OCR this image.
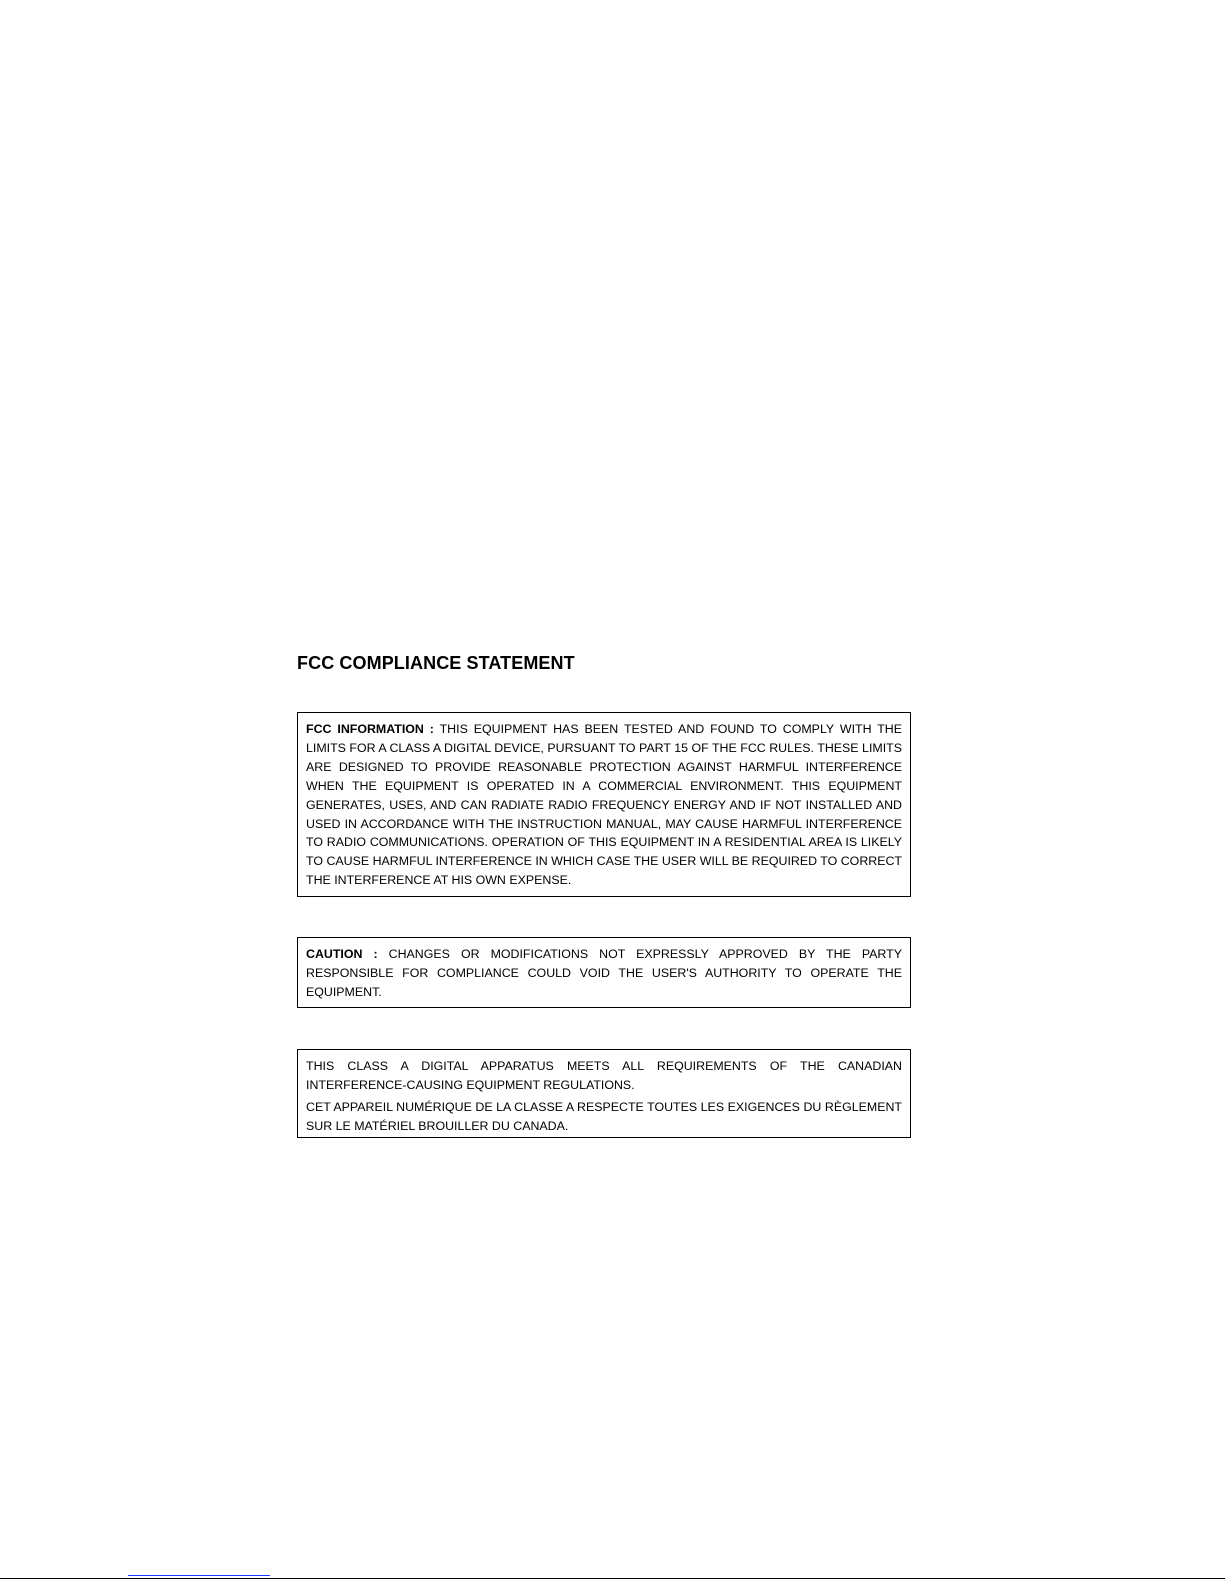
FCC COMPLIANCE STATEMENT

FCC INFORMATION : THIS EQUIPMENT HAS BEEN TESTED AND FOUND TO COMPLY WITH THE LIMITS FOR A CLASS A DIGITAL DEVICE, PURSUANT TO PART 15 OF THE FCC RULES. THESE LIMITS ARE DESIGNED TO PROVIDE REASONABLE PROTECTION AGAINST HARMFUL INTERFERENCE WHEN THE EQUIPMENT IS OPERATED IN A COMMERCIAL ENVIRONMENT. THIS EQUIPMENT GENERATES, USES, AND CAN RADIATE RADIO FREQUENCY ENERGY AND IF NOT INSTALLED AND USED IN ACCORDANCE WITH THE INSTRUCTION MANUAL, MAY CAUSE HARMFUL INTERFERENCE TO RADIO COMMUNICATIONS. OPERATION OF THIS EQUIPMENT IN A RESIDENTIAL AREA IS LIKELY TO CAUSE HARMFUL INTERFERENCE IN WHICH CASE THE USER WILL BE REQUIRED TO CORRECT THE INTERFERENCE AT HIS OWN EXPENSE.

CAUTION : CHANGES OR MODIFICATIONS NOT EXPRESSLY APPROVED BY THE PARTY RESPONSIBLE FOR COMPLIANCE COULD VOID THE USER'S AUTHORITY TO OPERATE THE EQUIPMENT.

THIS CLASS A DIGITAL APPARATUS MEETS ALL REQUIREMENTS OF THE CANADIAN INTERFERENCE-CAUSING EQUIPMENT REGULATIONS.

CET APPAREIL NUMÉRIQUE DE LA CLASSE A RESPECTE TOUTES LES EXIGENCES DU RÈGLEMENT SUR LE MATÉRIEL BROUILLER DU CANADA.
